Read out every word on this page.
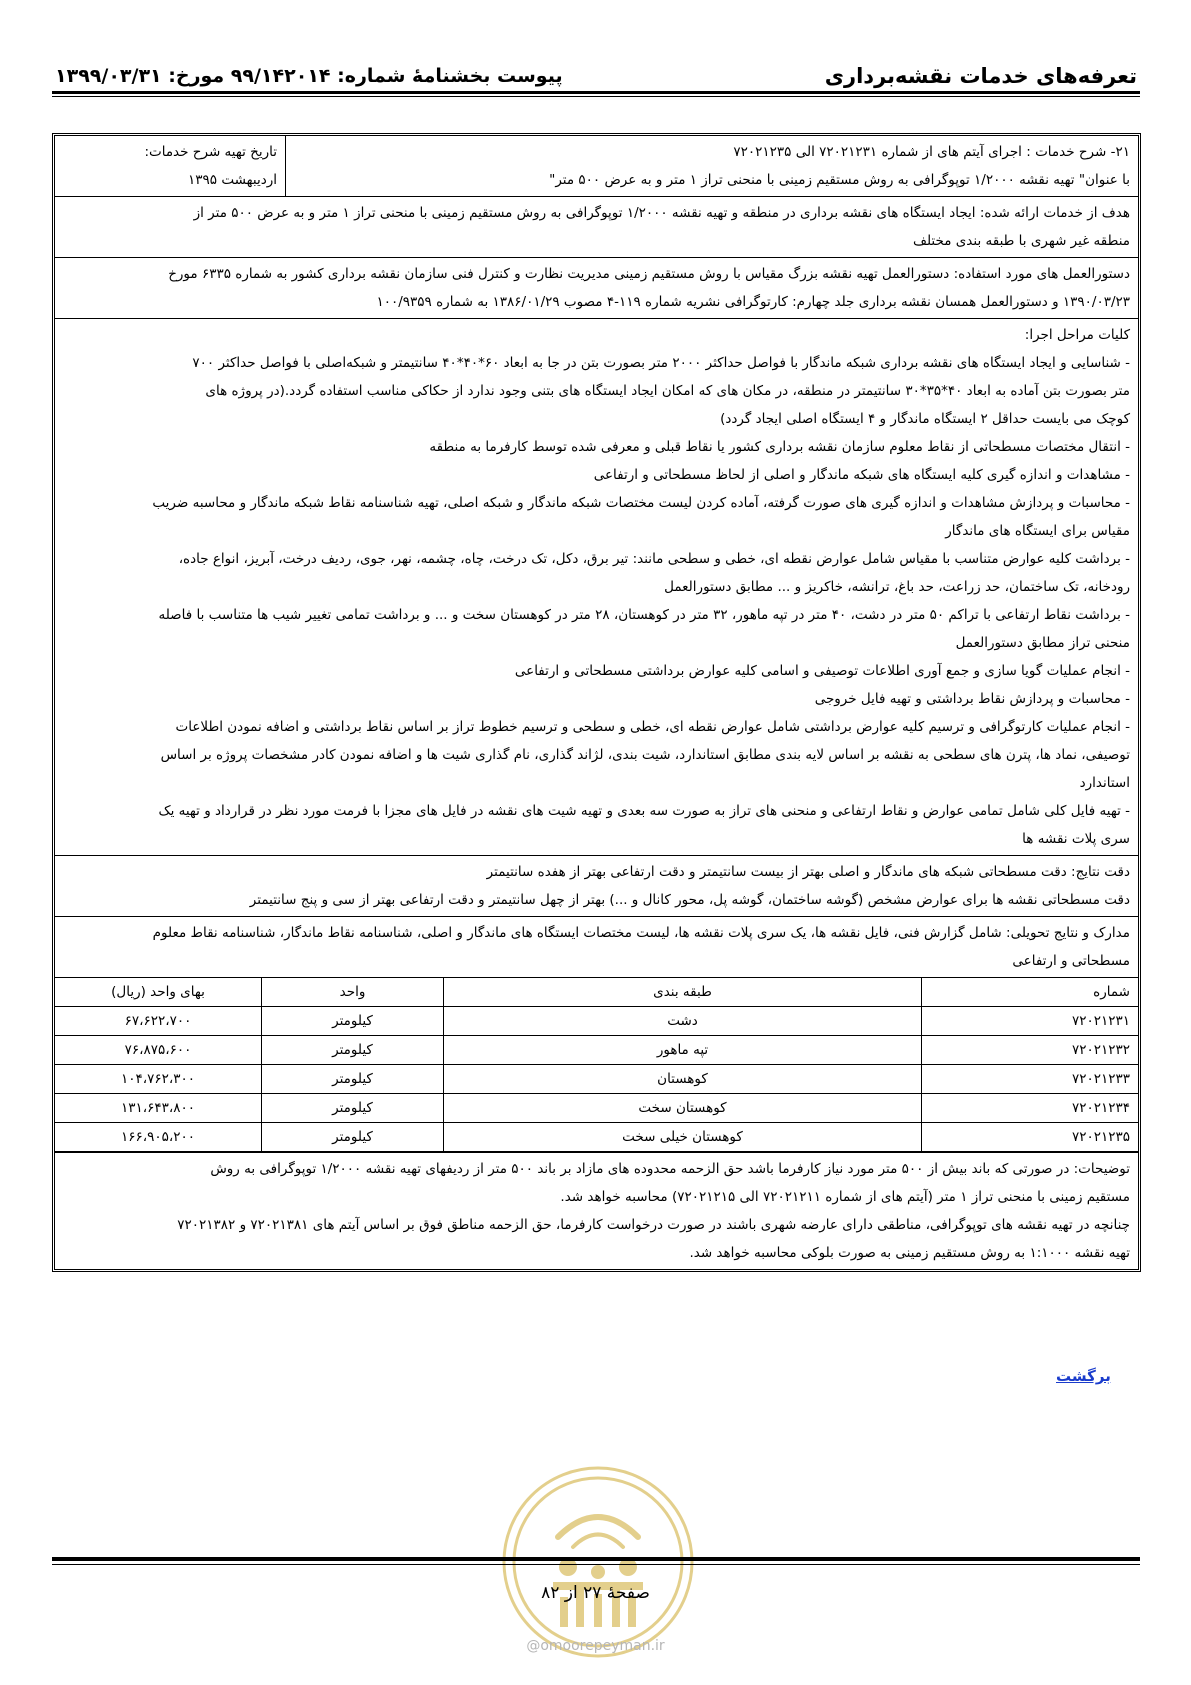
تعرفه‌های خدمات نقشه‌برداری
پیوست بخشنامهٔ شماره: ۹۹/۱۴۲۰۱۴ مورخ: ۱۳۹۹/۰۳/۳۱
۲۱- شرح خدمات : اجرای آیتم های از شماره ۷۲۰۲۱۲۳۱ الی ۷۲۰۲۱۲۳۵
با عنوان" تهیه نقشه ۱/۲۰۰۰ توپوگرافی به روش مستقیم زمینی با منحنی تراز ۱ متر و به عرض ۵۰۰ متر"
تاریخ تهیه شرح خدمات:
اردیبهشت ۱۳۹۵
هدف از خدمات ارائه شده: ایجاد ایستگاه های نقشه برداری در منطقه و تهیه نقشه ۱/۲۰۰۰ توپوگرافی به روش مستقیم زمینی با منحنی تراز ۱ متر و به عرض ۵۰۰ متر از
منطقه غیر شهری با طبقه بندی مختلف
دستورالعمل های مورد استفاده: دستورالعمل تهیه نقشه بزرگ مقیاس با روش مستقیم زمینی مدیریت نظارت و کنترل فنی سازمان نقشه برداری کشور به شماره ۶۳۳۵ مورخ
۱۳۹۰/۰۳/۲۳ و دستورالعمل همسان نقشه برداری جلد چهارم: کارتوگرافی نشریه شماره ۱۱۹-۴ مصوب ۱۳۸۶/۰۱/۲۹ به شماره ۱۰۰/۹۳۵۹
کلیات مراحل اجرا:
- شناسایی و ایجاد ایستگاه های نقشه برداری شبکه ماندگار با فواصل حداکثر ۲۰۰۰ متر بصورت بتن در جا به ابعاد ۶۰*۴۰*۴۰ سانتیمتر و شبکه‌اصلی با فواصل حداکثر ۷۰۰
متر بصورت بتن آماده به ابعاد ۴۰*۳۵*۳۰ سانتیمتر در منطقه، در مکان های که امکان ایجاد ایستگاه های بتنی وجود ندارد از حکاکی مناسب استفاده گردد.(در پروژه های
کوچک می بایست حداقل ۲ ایستگاه ماندگار و ۴ ایستگاه اصلی ایجاد گردد)
- انتقال مختصات مسطحاتی از نقاط معلوم سازمان نقشه برداری کشور یا نقاط قبلی و معرفی شده توسط کارفرما به منطقه
- مشاهدات و اندازه گیری کلیه ایستگاه های شبکه ماندگار و اصلی از لحاظ مسطحاتی و ارتفاعی
- محاسبات و پردازش مشاهدات و اندازه گیری های صورت گرفته، آماده کردن لیست مختصات شبکه ماندگار و شبکه اصلی، تهیه شناسنامه نقاط شبکه ماندگار و محاسبه ضریب
مقیاس برای ایستگاه های ماندگار
- برداشت کلیه عوارض متناسب با مقیاس شامل عوارض نقطه ای، خطی و سطحی مانند: تیر برق، دکل، تک درخت، چاه، چشمه، نهر، جوی، ردیف درخت، آبریز، انواع جاده،
رودخانه، تک ساختمان، حد زراعت، حد باغ، ترانشه، خاکریز و ... مطابق دستورالعمل
- برداشت نقاط ارتفاعی با تراکم ۵۰ متر در دشت، ۴۰ متر در تپه ماهور، ۳۲ متر در کوهستان، ۲۸ متر در کوهستان سخت و ... و برداشت تمامی تغییر شیب ها متناسب با فاصله
منحنی تراز مطابق دستورالعمل
- انجام عملیات گویا سازی و جمع آوری اطلاعات توصیفی و اسامی کلیه عوارض برداشتی مسطحاتی و ارتفاعی
- محاسبات و پردازش نقاط برداشتی و تهیه فایل خروجی
- انجام عملیات کارتوگرافی و ترسیم کلیه عوارض برداشتی شامل عوارض نقطه ای، خطی و سطحی و ترسیم خطوط تراز بر اساس نقاط برداشتی و اضافه نمودن اطلاعات
توصیفی، نماد ها، پترن های سطحی به نقشه بر اساس لایه بندی مطابق استاندارد، شیت بندی، لژاند گذاری، نام گذاری شیت ها و اضافه نمودن کادر مشخصات پروژه بر اساس
استاندارد
- تهیه فایل کلی شامل تمامی عوارض و نقاط ارتفاعی و منحنی های تراز به صورت سه بعدی و تهیه شیت های نقشه در فایل های مجزا با فرمت مورد نظر در قرارداد و تهیه یک
سری پلات نقشه ها
دقت نتایج: دقت مسطحاتی شبکه های ماندگار و اصلی بهتر از بیست سانتیمتر و دقت ارتفاعی بهتر از هفده سانتیمتر
دقت مسطحاتی نقشه ها برای عوارض مشخص (گوشه ساختمان، گوشه پل، محور کانال و ...) بهتر از چهل سانتیمتر و دقت ارتفاعی بهتر از سی و پنج سانتیمتر
مدارک و نتایج تحویلی: شامل گزارش فنی، فایل نقشه ها، یک سری پلات نقشه ها، لیست مختصات ایستگاه های ماندگار و اصلی، شناسنامه نقاط ماندگار، شناسنامه نقاط معلوم
مسطحاتی و ارتفاعی
شماره	طبقه بندی	واحد	بهای واحد (ریال)
۷۲۰۲۱۲۳۱	دشت	کیلومتر	۶۷،۶۲۲،۷۰۰
۷۲۰۲۱۲۳۲	تپه ماهور	کیلومتر	۷۶،۸۷۵،۶۰۰
۷۲۰۲۱۲۳۳	کوهستان	کیلومتر	۱۰۴،۷۶۲،۳۰۰
۷۲۰۲۱۲۳۴	کوهستان سخت	کیلومتر	۱۳۱،۶۴۳،۸۰۰
۷۲۰۲۱۲۳۵	کوهستان خیلی سخت	کیلومتر	۱۶۶،۹۰۵،۲۰۰
توضیحات: در صورتی که باند بیش از ۵۰۰ متر مورد نیاز کارفرما باشد حق الزحمه محدوده های مازاد بر باند ۵۰۰ متر از ردیفهای تهیه نقشه ۱/۲۰۰۰ توپوگرافی به روش
مستقیم زمینی با منحنی تراز ۱ متر (آیتم های از شماره ۷۲۰۲۱۲۱۱ الی ۷۲۰۲۱۲۱۵) محاسبه خواهد شد.
چنانچه در تهیه نقشه های توپوگرافی، مناطقی دارای عارضه شهری باشند در صورت درخواست کارفرما، حق الزحمه مناطق فوق بر اساس آیتم های ۷۲۰۲۱۳۸۱ و ۷۲۰۲۱۳۸۲
تهیه نقشه ۱:۱۰۰۰ به روش مستقیم زمینی به صورت بلوکی محاسبه خواهد شد.
برگشت
صفحهٔ ۲۷ از ۸۲
@omoorepeyman.ir
